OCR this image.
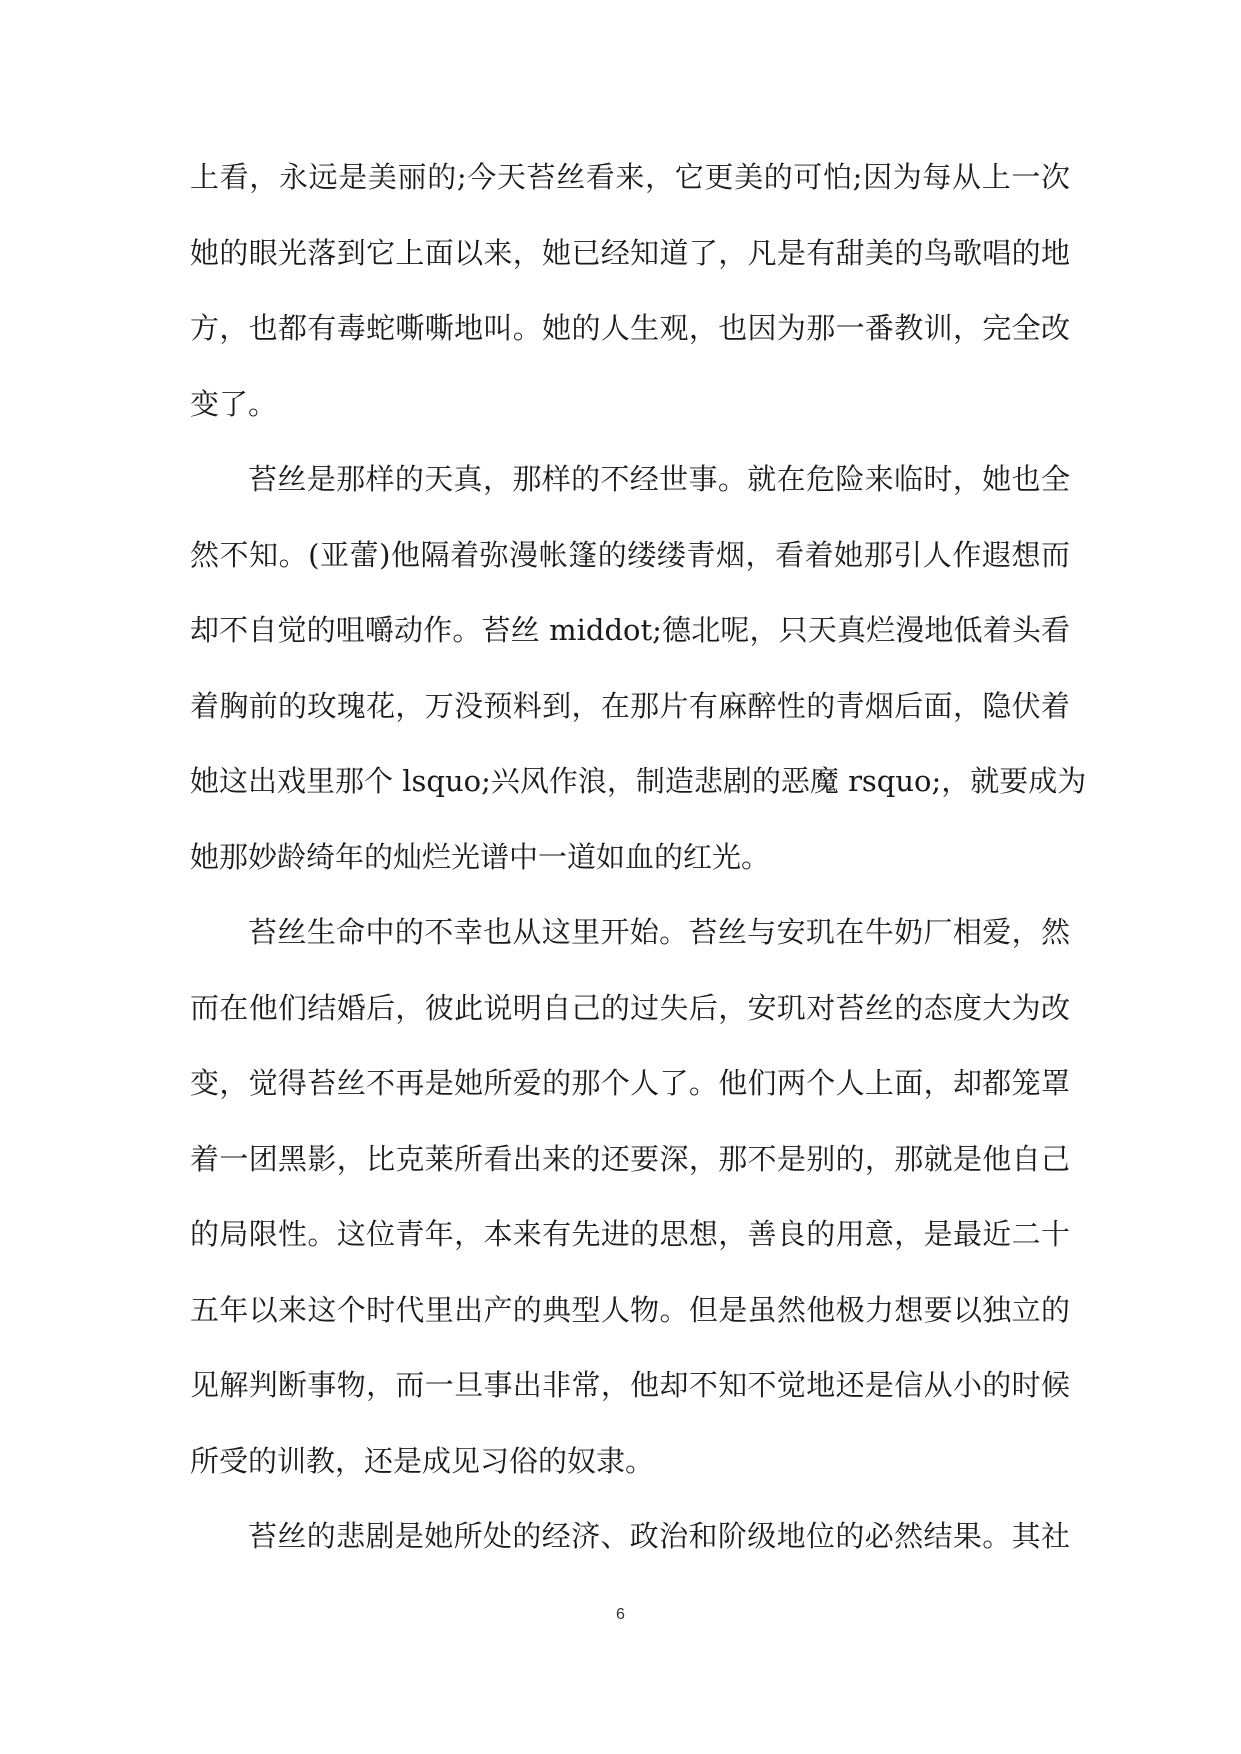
上看，永远是美丽的;今天苔丝看来，它更美的可怕;因为每从上一次
她的眼光落到它上面以来，她已经知道了，凡是有甜美的鸟歌唱的地
方，也都有毒蛇嘶嘶地叫。她的人生观，也因为那一番教训，完全改
变了。
苔丝是那样的天真，那样的不经世事。就在危险来临时，她也全
然不知。(亚蕾)他隔着弥漫帐篷的缕缕青烟，看着她那引人作遐想而
却不自觉的咀嚼动作。苔丝 middot;德北呢，只天真烂漫地低着头看
着胸前的玫瑰花，万没预料到，在那片有麻醉性的青烟后面，隐伏着
她这出戏里那个 lsquo;兴风作浪，制造悲剧的恶魔 rsquo;，就要成为
她那妙龄绮年的灿烂光谱中一道如血的红光。
苔丝生命中的不幸也从这里开始。苔丝与安玑在牛奶厂相爱，然
而在他们结婚后，彼此说明自己的过失后，安玑对苔丝的态度大为改
变，觉得苔丝不再是她所爱的那个人了。他们两个人上面，却都笼罩
着一团黑影，比克莱所看出来的还要深，那不是别的，那就是他自己
的局限性。这位青年，本来有先进的思想，善良的用意，是最近二十
五年以来这个时代里出产的典型人物。但是虽然他极力想要以独立的
见解判断事物，而一旦事出非常，他却不知不觉地还是信从小的时候
所受的训教，还是成见习俗的奴隶。
苔丝的悲剧是她所处的经济、政治和阶级地位的必然结果。其社
6
